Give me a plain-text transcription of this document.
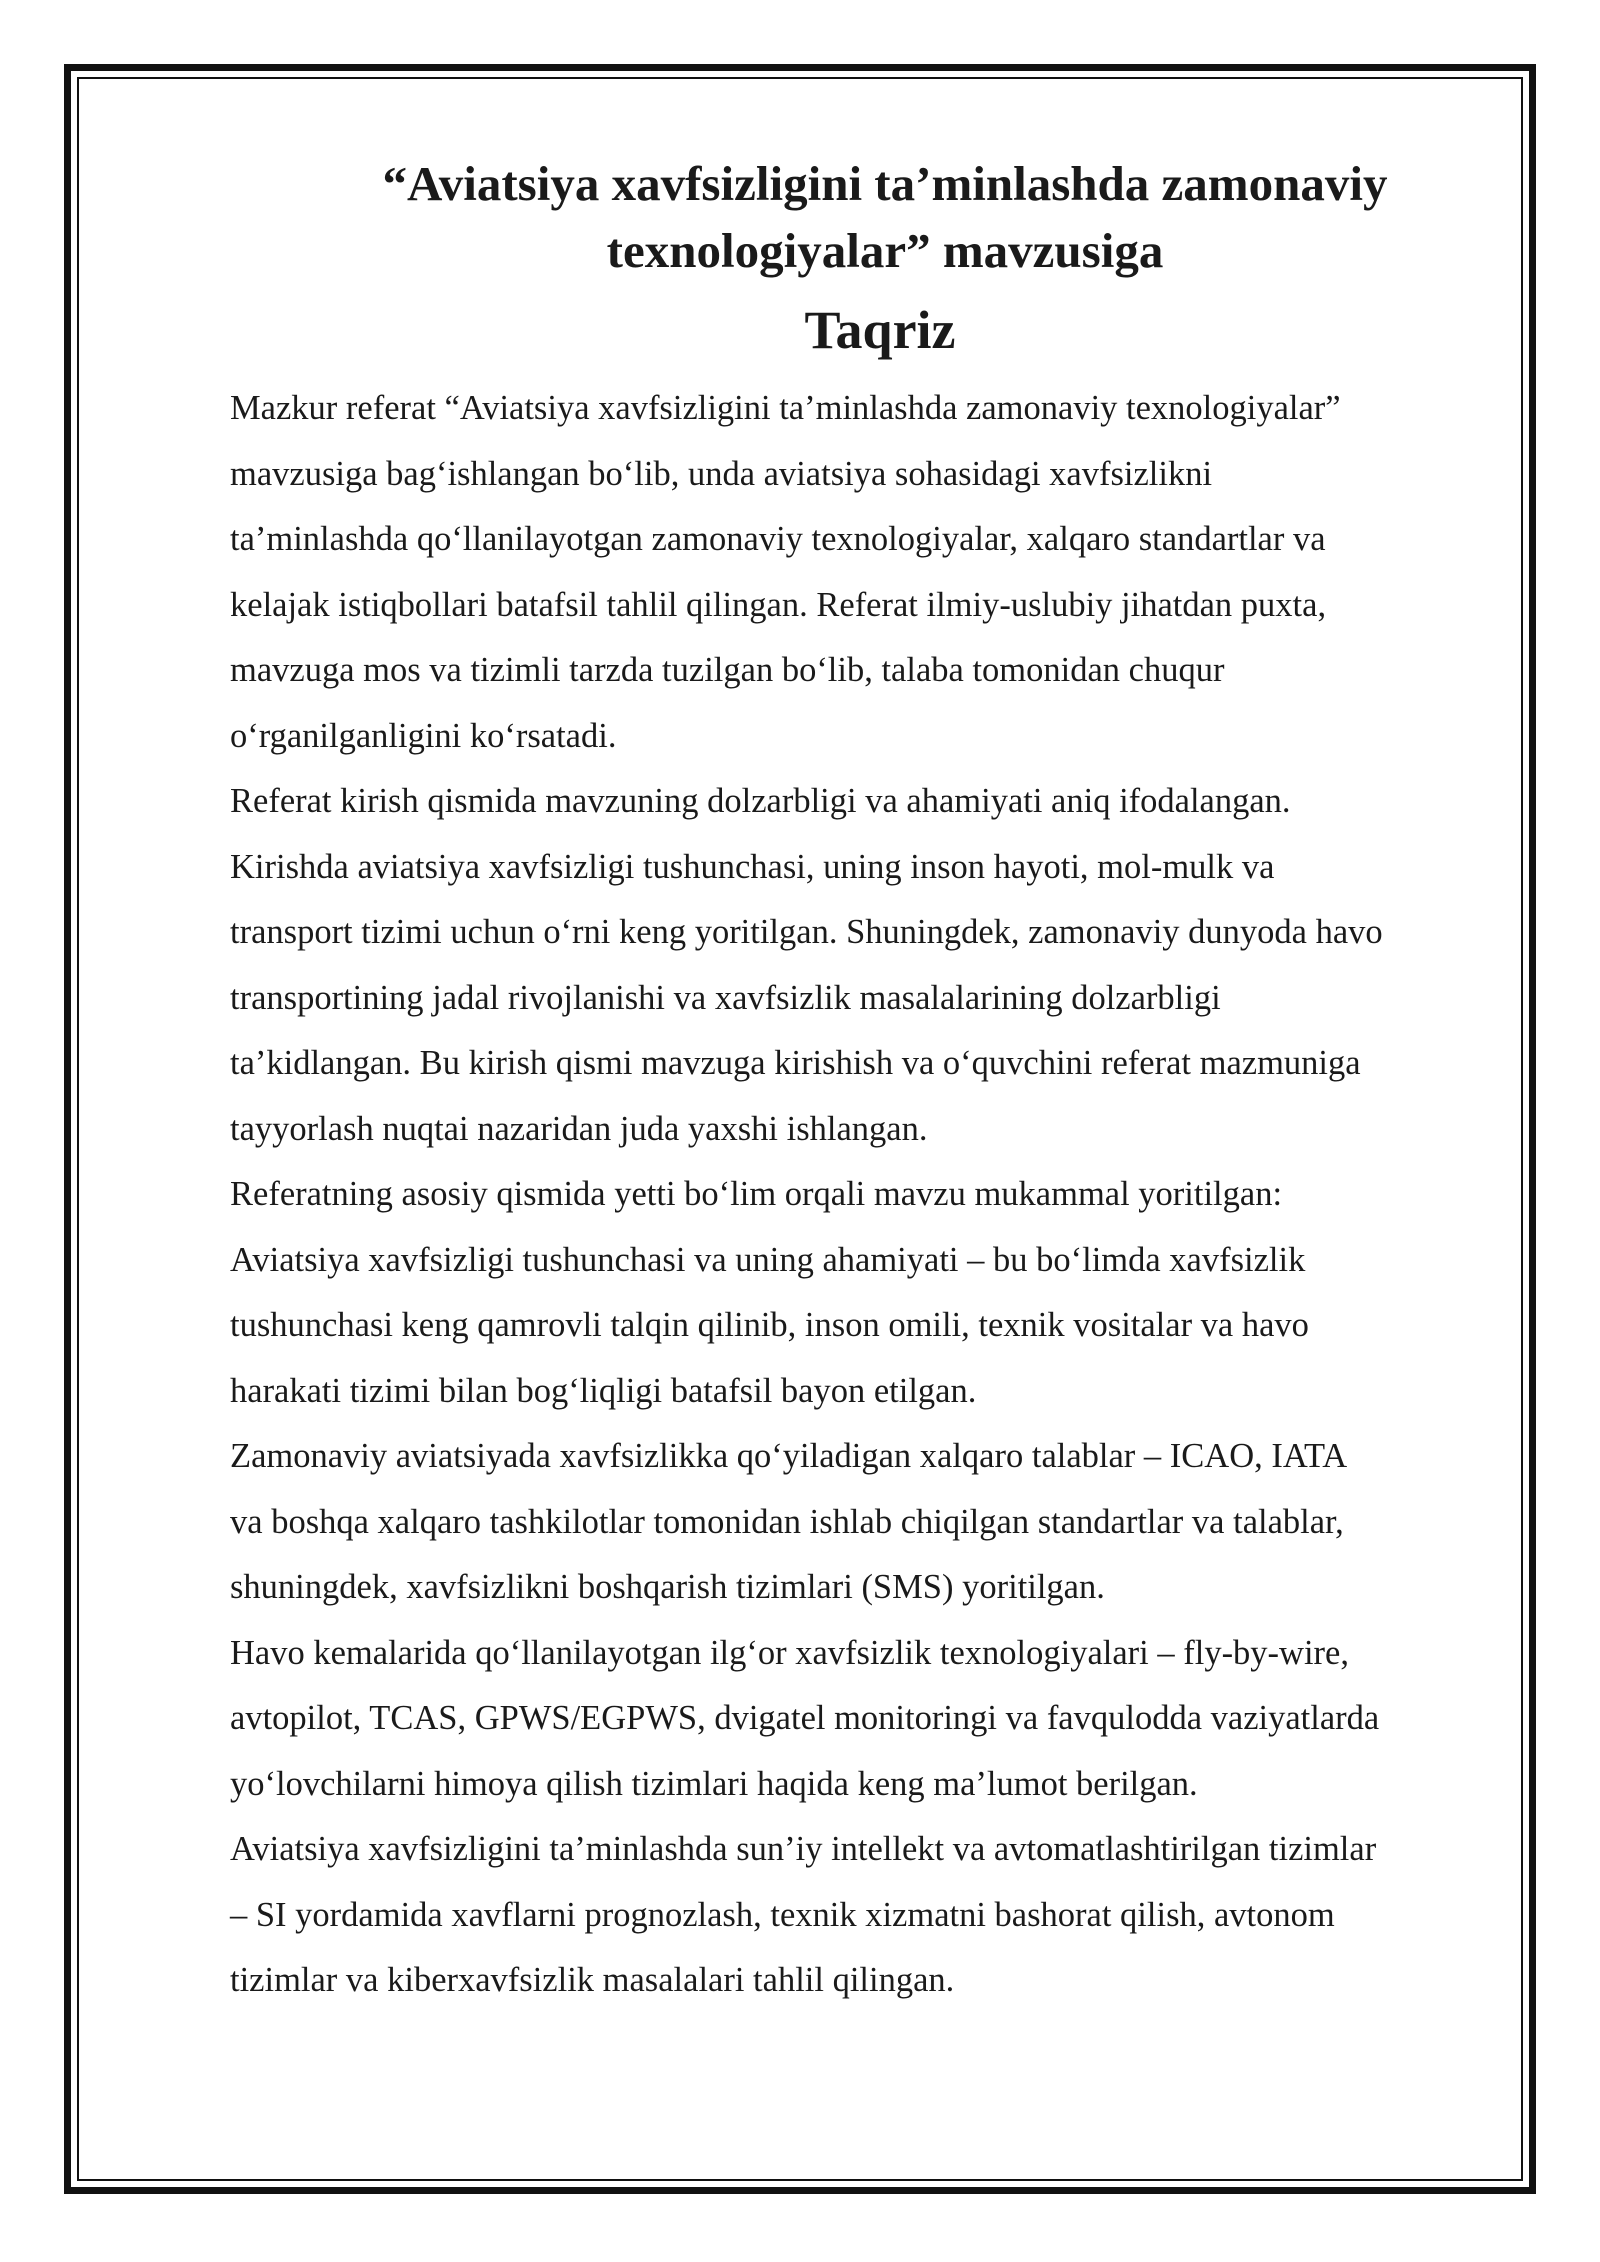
“Aviatsiya xavfsizligini ta’minlashda zamonaviy
texnologiyalar” mavzusiga
Taqriz
Mazkur referat “Aviatsiya xavfsizligini ta’minlashda zamonaviy texnologiyalar”
mavzusiga bag‘ishlangan bo‘lib, unda aviatsiya sohasidagi xavfsizlikni
ta’minlashda qo‘llanilayotgan zamonaviy texnologiyalar, xalqaro standartlar va
kelajak istiqbollari batafsil tahlil qilingan. Referat ilmiy-uslubiy jihatdan puxta,
mavzuga mos va tizimli tarzda tuzilgan bo‘lib, talaba tomonidan chuqur
o‘rganilganligini ko‘rsatadi.
Referat kirish qismida mavzuning dolzarbligi va ahamiyati aniq ifodalangan.
Kirishda aviatsiya xavfsizligi tushunchasi, uning inson hayoti, mol-mulk va
transport tizimi uchun o‘rni keng yoritilgan. Shuningdek, zamonaviy dunyoda havo
transportining jadal rivojlanishi va xavfsizlik masalalarining dolzarbligi
ta’kidlangan. Bu kirish qismi mavzuga kirishish va o‘quvchini referat mazmuniga
tayyorlash nuqtai nazaridan juda yaxshi ishlangan.
Referatning asosiy qismida yetti bo‘lim orqali mavzu mukammal yoritilgan:
Aviatsiya xavfsizligi tushunchasi va uning ahamiyati – bu bo‘limda xavfsizlik
tushunchasi keng qamrovli talqin qilinib, inson omili, texnik vositalar va havo
harakati tizimi bilan bog‘liqligi batafsil bayon etilgan.
Zamonaviy aviatsiyada xavfsizlikka qo‘yiladigan xalqaro talablar – ICAO, IATA
va boshqa xalqaro tashkilotlar tomonidan ishlab chiqilgan standartlar va talablar,
shuningdek, xavfsizlikni boshqarish tizimlari (SMS) yoritilgan.
Havo kemalarida qo‘llanilayotgan ilg‘or xavfsizlik texnologiyalari – fly-by-wire,
avtopilot, TCAS, GPWS/EGPWS, dvigatel monitoringi va favqulodda vaziyatlarda
yo‘lovchilarni himoya qilish tizimlari haqida keng ma’lumot berilgan.
Aviatsiya xavfsizligini ta’minlashda sun’iy intellekt va avtomatlashtirilgan tizimlar
– SI yordamida xavflarni prognozlash, texnik xizmatni bashorat qilish, avtonom
tizimlar va kiberxavfsizlik masalalari tahlil qilingan.
